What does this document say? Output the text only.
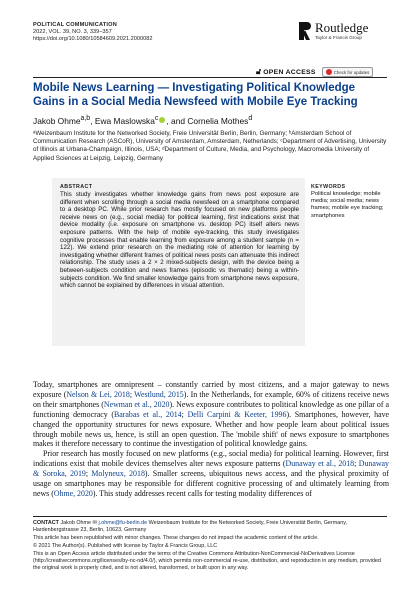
POLITICAL COMMUNICATION
2022, VOL. 39, NO. 3, 339–357
https://doi.org/10.1080/10584609.2021.2000082
Routledge
Taylor & Francis Group
🔓︎ OPEN ACCESS	Check for updates
Mobile News Learning — Investigating Political Knowledge Gains in a Social Media Newsfeed with Mobile Eye Tracking
Jakob Ohme$^{a,b}$, Ewa Maslowska$^c$ , and Cornelia Mothes$^d$
ᵃWeizenbaum Institute for the Networked Society, Freie Universität Berlin, Berlin, Germany; ᵇAmsterdam School of Communication Research (ASCoR), University of Amsterdam, Amsterdam, Netherlands; ᶜDepartment of Advertising, University of Illinois at Urbana-Champaign, Illinois, USA; ᵈDepartment of Culture, Media, and Psychology, Macromedia University of Applied Sciences at Leipzig, Leipzig, Germany
ABSTRACT
This study investigates whether knowledge gains from news post exposure are different when scrolling through a social media newsfeed on a smartphone compared to a desktop PC. While prior research has mostly focused on new platforms people receive news on (e.g., social media) for political learning, first indications exist that device modality (i.e. exposure on smartphone vs. desktop PC) itself alters news exposure patterns. With the help of mobile eye-tracking, this study investigates cognitive processes that enable learning from exposure among a student sample (n = 122). We extend prior research on the mediating role of attention for learning by investigating whether different frames of political news posts can attenuate this indirect relationship. The study uses a 2 × 2 mixed-subjects design, with the device being a between-subjects condition and news frames (episodic vs thematic) being a within-subjects condition. We find smaller knowledge gains from smartphone news exposure, which cannot be explained by differences in visual attention.
KEYWORDS
Political knowledge; mobile media; social media; news frames; mobile eye tracking; smartphones

Today, smartphones are omnipresent – constantly carried by most citizens, and a major gateway to news exposure (Nelson & Lei, 2018; Westlund, 2015). In the Netherlands, for example, 60% of citizens receive news on their smartphones (Newman et al., 2020). News exposure contributes to political knowledge as one pillar of a functioning democracy (Barabas et al., 2014; Delli Carpini & Keeter, 1996). Smartphones, however, have changed the opportunity structures for news exposure. Whether and how people learn about political issues through mobile news us, hence, is still an open question. The 'mobile shift' of news exposure to smartphones makes it therefore necessary to continue the investigation of political knowledge gains.

Prior research has mostly focused on new platforms (e.g., social media) for political learning. However, first indications exist that mobile devices themselves alter news exposure patterns (Dunaway et al., 2018; Dunaway & Soroka, 2019; Molyneux, 2018). Smaller screens, ubiquitous news access, and the physical proximity of usage on smartphones may be responsible for different cognitive processing of and ultimately learning from news (Ohme, 2020). This study addresses recent calls for testing modality differences of

CONTACT Jakob Ohme ✉ j.ohme@fu-berlin.de Weizenbaum Institute for the Networked Society, Freie Universität Berlin, Germany, Hardenbergstrasse 23, Berlin, 10623, Germany

This article has been republished with minor changes. These changes do not impact the academic content of the article.

© 2021 The Author(s). Published with license by Taylor & Francis Group, LLC

This is an Open Access article distributed under the terms of the Creative Commons Attribution-NonCommercial-NoDerivatives License (http://creativecommons.org/licenses/by-nc-nd/4.0/), which permits non-commercial re-use, distribution, and reproduction in any medium, provided the original work is properly cited, and is not altered, transformed, or built upon in any way.
